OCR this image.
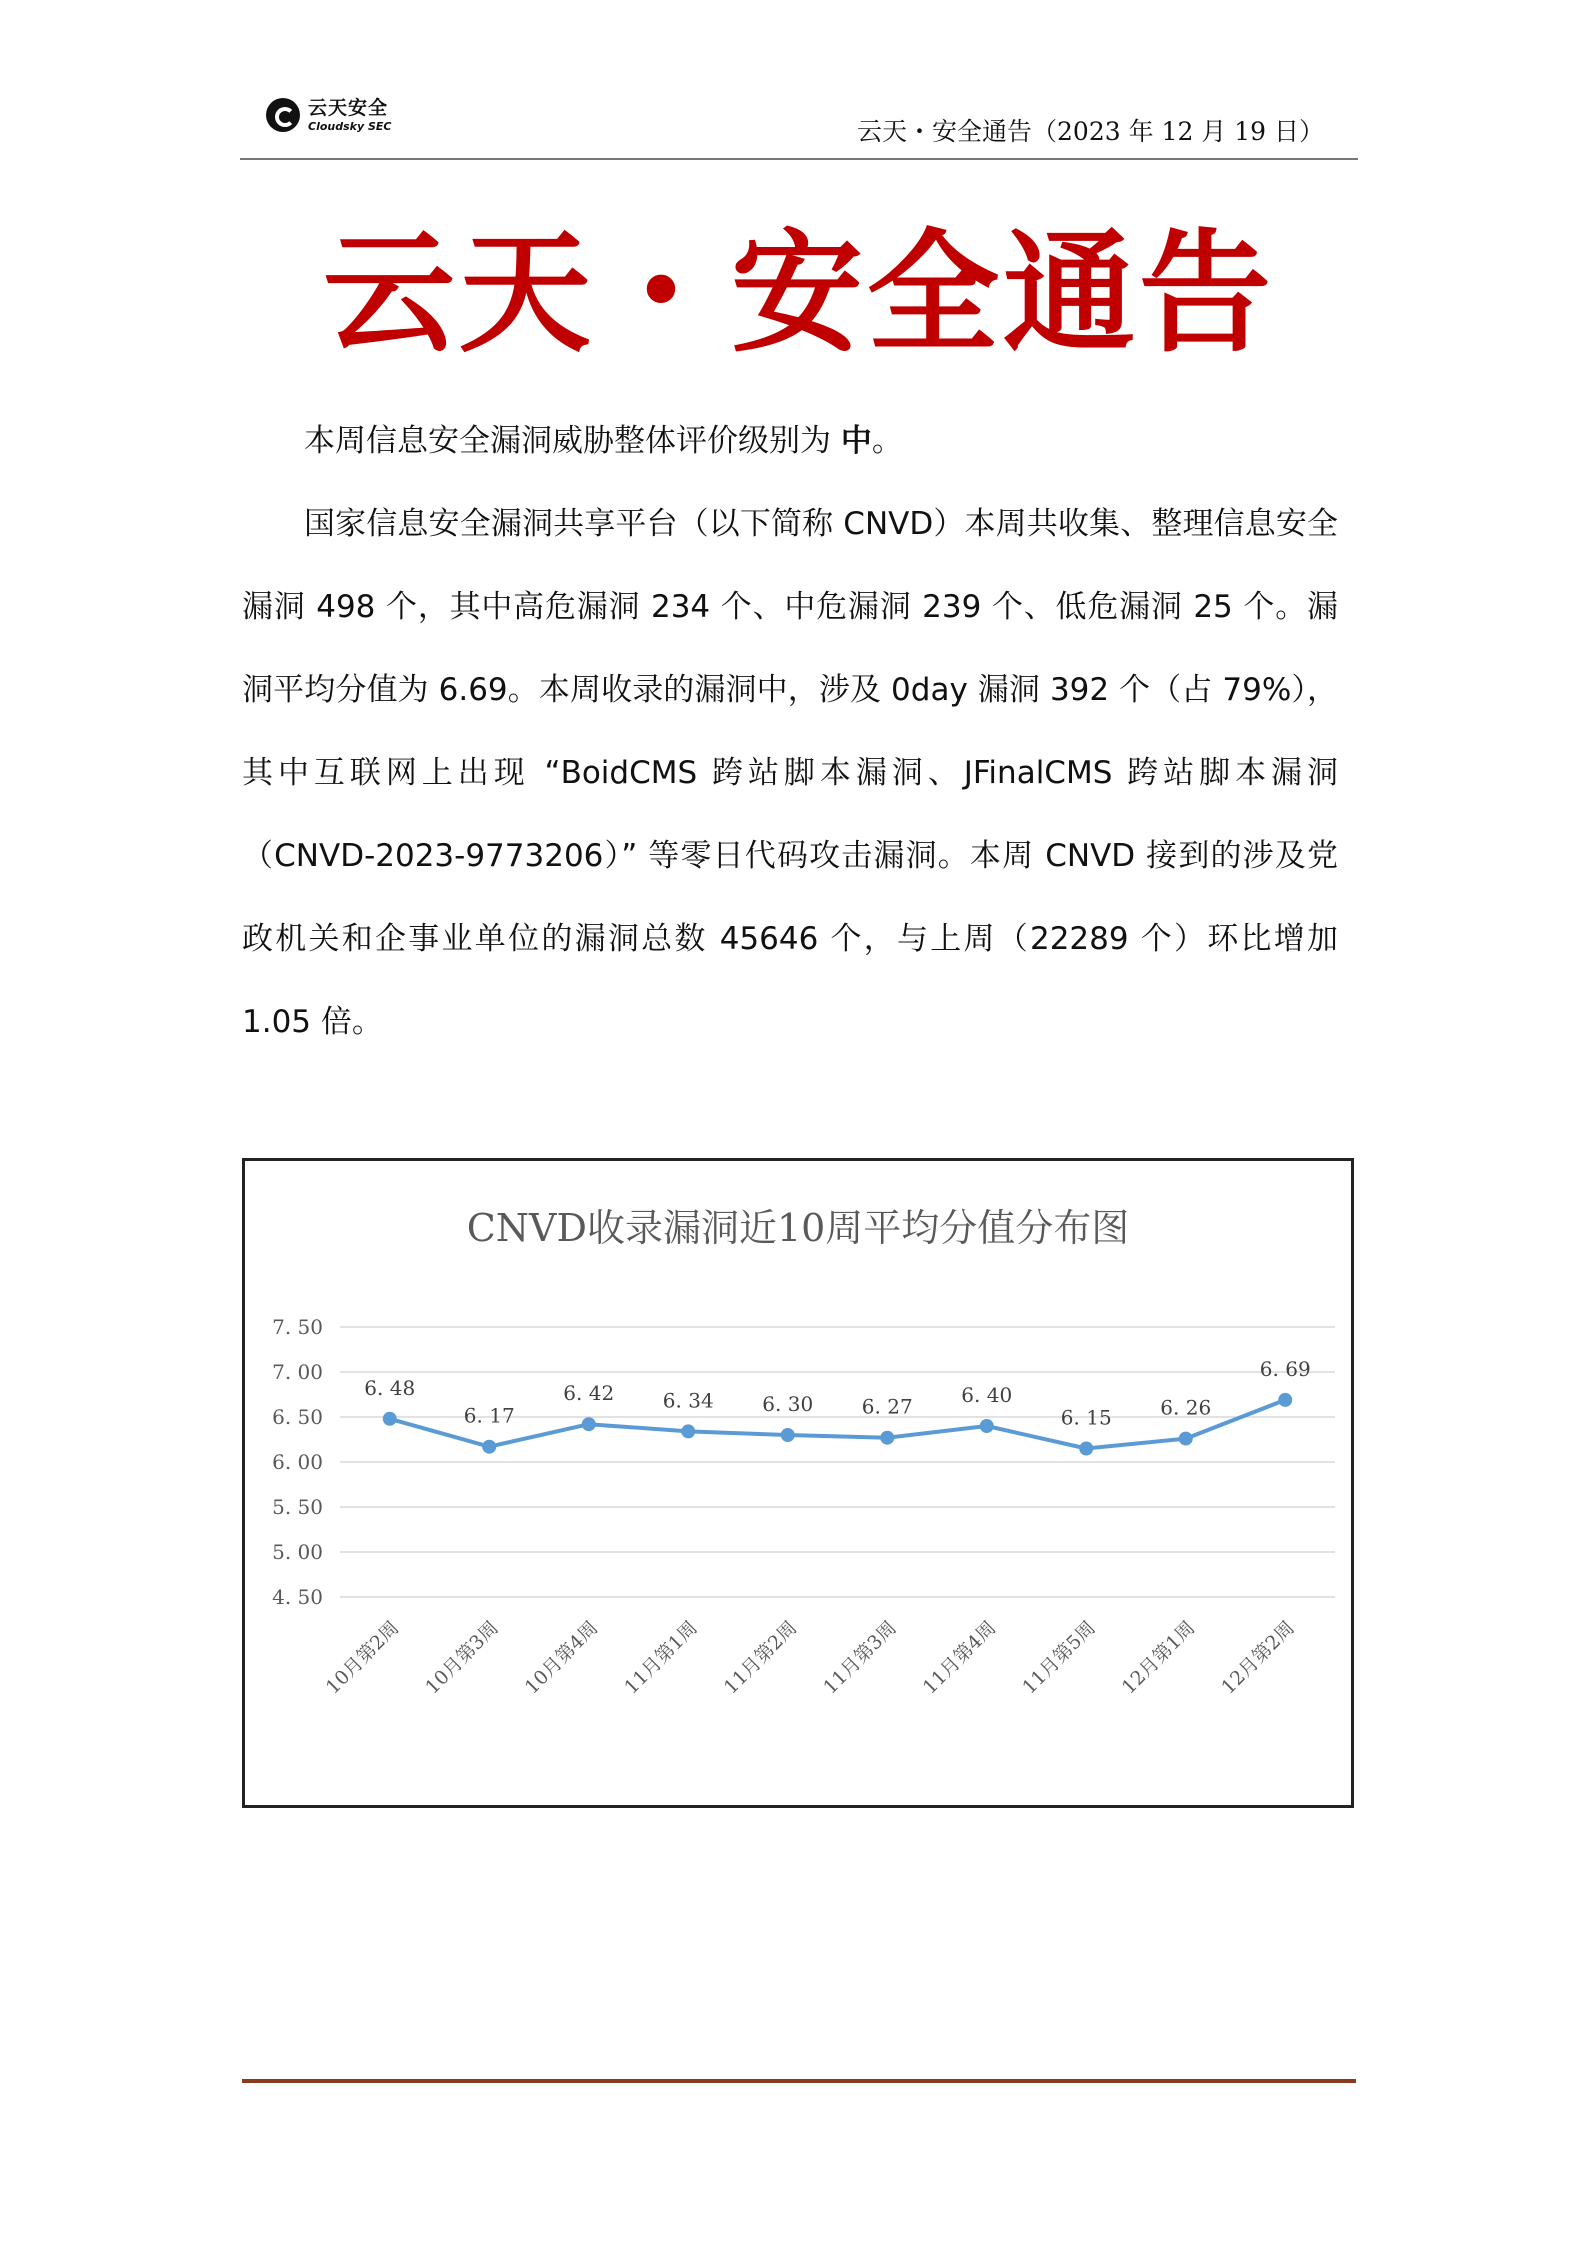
云天安全
Cloudsky SEC	云天・安全通告（2023 年 12 月 19 日）
云天・安全通告

本周信息安全漏洞威胁整体评价级别为 中。

国家信息安全漏洞共享平台（以下简称 CNVD）本周共收集、整理信息安全漏洞 498 个，其中高危漏洞 234 个、中危漏洞 239 个、低危漏洞 25 个。漏洞平均分值为 6.69。本周收录的漏洞中，涉及 0day 漏洞 392 个（占 79%），其中互联网上出现 “BoidCMS 跨站脚本漏洞、JFinalCMS 跨站脚本漏洞（CNVD-2023-9773206）” 等零日代码攻击漏洞。本周 CNVD 接到的涉及党政机关和企事业单位的漏洞总数 45646 个，与上周（22289 个）环比增加 1.05 倍。

CNVD收录漏洞近10周平均分值分布图
7. 50
7. 00
6. 50
6. 00
5. 50
5. 00
4. 50
6. 48
6. 17
6. 42 6. 34 6. 30 6. 27 6. 40
6. 15 6. 26
6. 69
10月第2周 10月第3周 10月第4周 11月第1周 11月第2周 11月第3周 11月第4周 11月第5周 12月第1周 12月第2周
